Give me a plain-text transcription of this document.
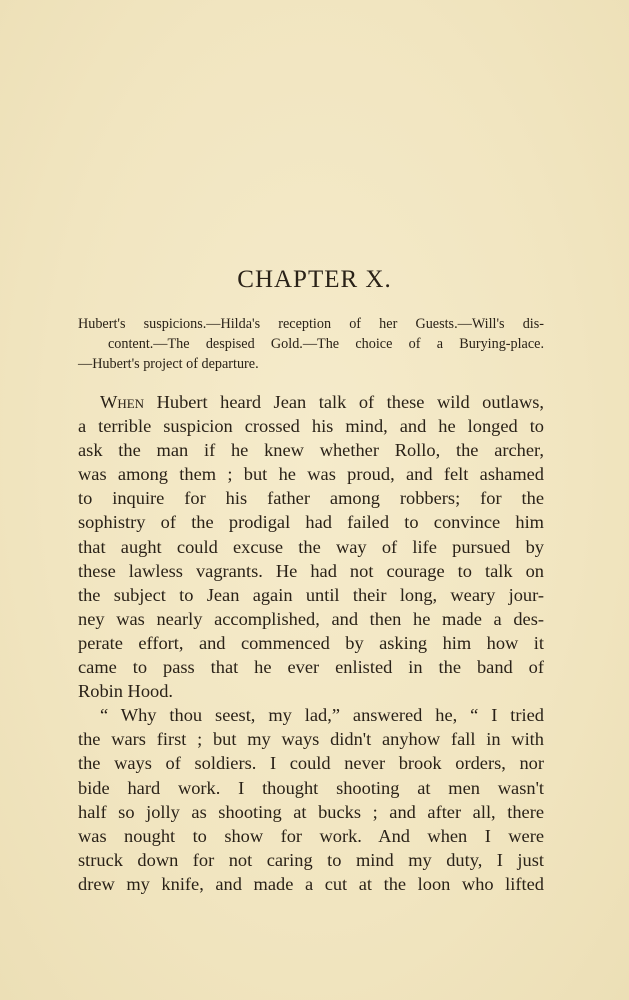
CHAPTER X.
Hubert's suspicions.—Hilda's reception of her Guests.—Will's dis-
content.—The despised Gold.—The choice of a Burying-place.
—Hubert's project of departure.
When Hubert heard Jean talk of these wild outlaws,
a terrible suspicion crossed his mind, and he longed to
ask the man if he knew whether Rollo, the archer,
was among them ; but he was proud, and felt ashamed
to inquire for his father among robbers; for the
sophistry of the prodigal had failed to convince him
that aught could excuse the way of life pursued by
these lawless vagrants. He had not courage to talk on
the subject to Jean again until their long, weary jour-
ney was nearly accomplished, and then he made a des-
perate effort, and commenced by asking him how it
came to pass that he ever enlisted in the band of
Robin Hood.
“ Why thou seest, my lad,” answered he, “ I tried
the wars first ; but my ways didn't anyhow fall in with
the ways of soldiers. I could never brook orders, nor
bide hard work. I thought shooting at men wasn't
half so jolly as shooting at bucks ; and after all, there
was nought to show for work. And when I were
struck down for not caring to mind my duty, I just
drew my knife, and made a cut at the loon who lifted
